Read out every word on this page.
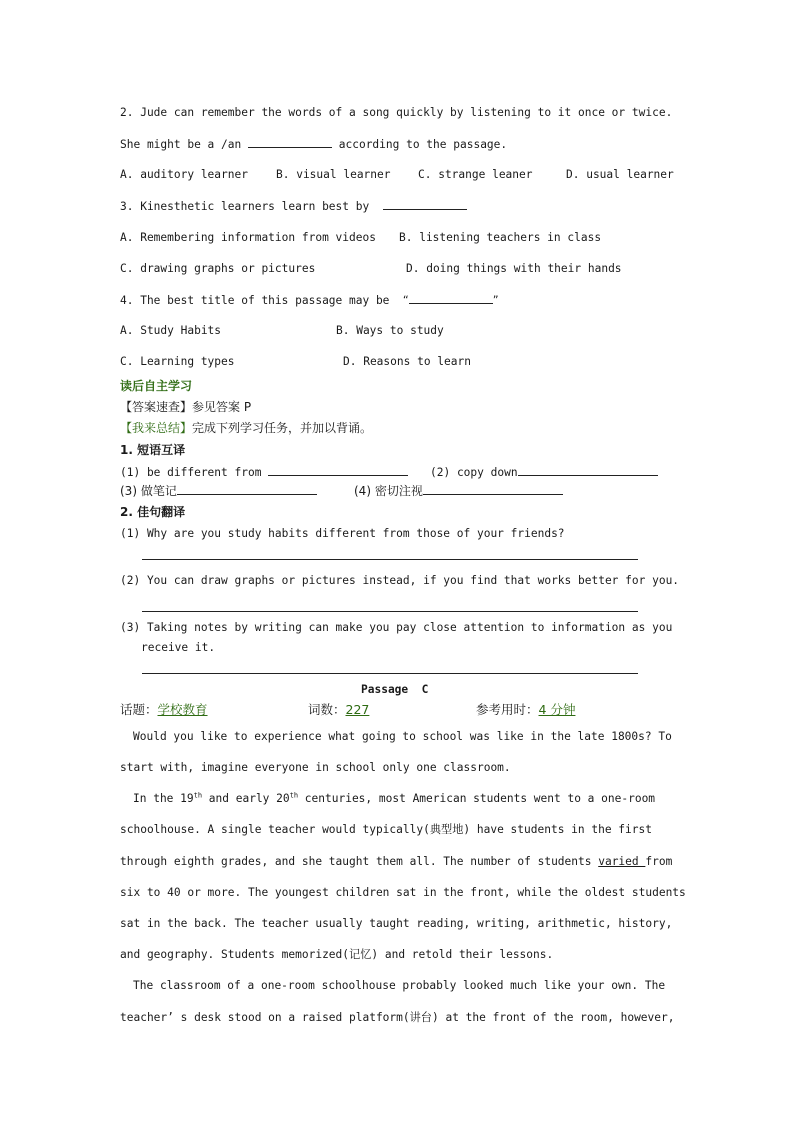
2. Jude can remember the words of a song quickly by listening to it once or twice.
She might be a /an	according to the passage.
A. auditory learner	B. visual learner C. strange leaner	D. usual learner
3. Kinesthetic learners learn best by
A. Remembering information from videos B. listening teachers in class
C. drawing graphs or pictures	D. doing things with their hands
4. The best title of this passage may be “	”
A. Study Habits	B. Ways to study
C. Learning types	D. Reasons to learn
读后自主学习
【答案速查】参见答案 P
【我来总结】完成下列学习任务，并加以背诵。
1. 短语互译
(1) be different from	(2) copy down
(3) 做笔记	(4) 密切注视
2. 佳句翻译
(1) Why are you study habits different from those of your friends?
(2) You can draw graphs or pictures instead, if you find that works better for you.
(3) Taking notes by writing can make you pay close attention to information as you
receive it.
Passage  C
话题：学校教育	词数：227	参考用时：4 分钟
Would you like to experience what going to school was like in the late 1800s? To
start with, imagine everyone in school only one classroom.
In the 19th and early 20th centuries, most American students went to a one-room
schoolhouse. A single teacher would typically(典型地) have students in the first
through eighth grades, and she taught them all. The number of students varied from
six to 40 or more. The youngest children sat in the front, while the oldest students
sat in the back. The teacher usually taught reading, writing, arithmetic, history,
and geography. Students memorized(记忆) and retold their lessons.
The classroom of a one-room schoolhouse probably looked much like your own. The
teacher’ s desk stood on a raised platform(讲台) at the front of the room, however,
